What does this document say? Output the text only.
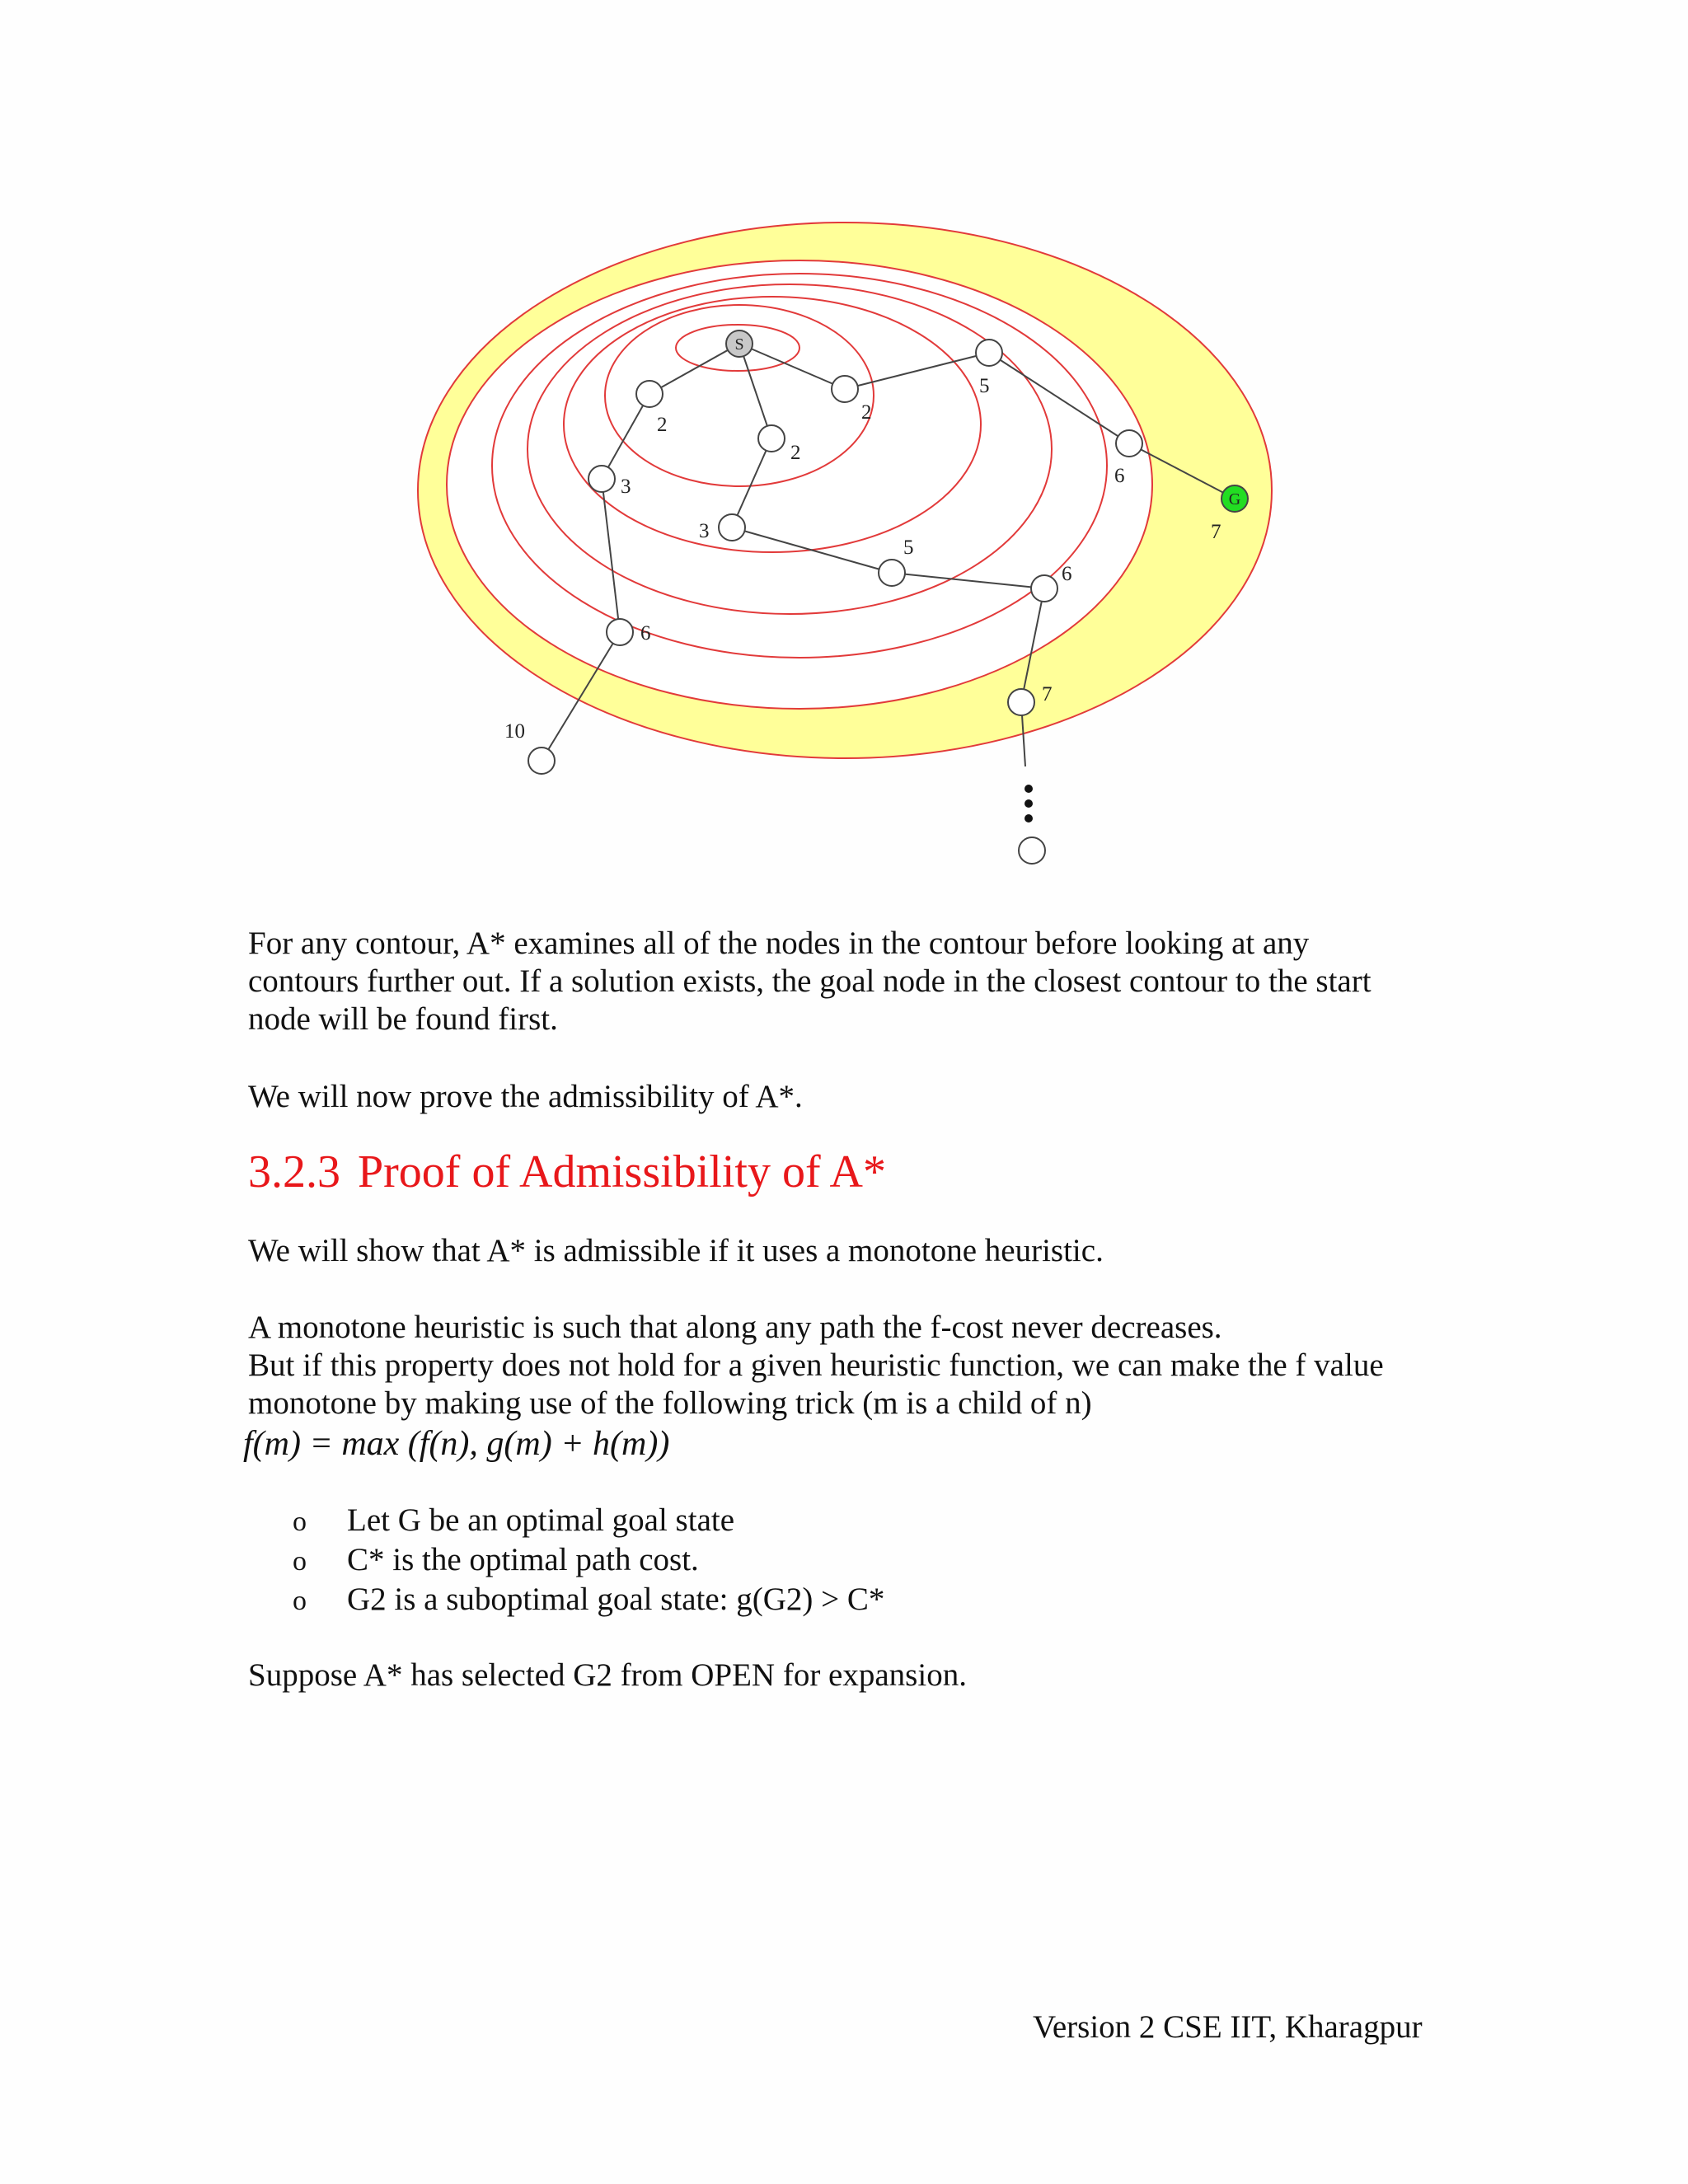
S
G
2
2
2
5
6
7
3
3
5
6
6
7
10

For any contour, A* examines all of the nodes in the contour before looking at any
contours further out. If a solution exists, the goal node in the closest contour to the start
node will be found first.

We will now prove the admissibility of A*.

3.2.3 Proof of Admissibility of A*

We will show that A* is admissible if it uses a monotone heuristic.

A monotone heuristic is such that along any path the f-cost never decreases.
But if this property does not hold for a given heuristic function, we can make the f value
monotone by making use of the following trick (m is a child of n)

f(m) = max (f(n), g(m) + h(m))
o Let G be an optimal goal state
o C* is the optimal path cost.
o G2 is a suboptimal goal state: g(G2) > C*

Suppose A* has selected G2 from OPEN for expansion.

Version 2 CSE IIT, Kharagpur
